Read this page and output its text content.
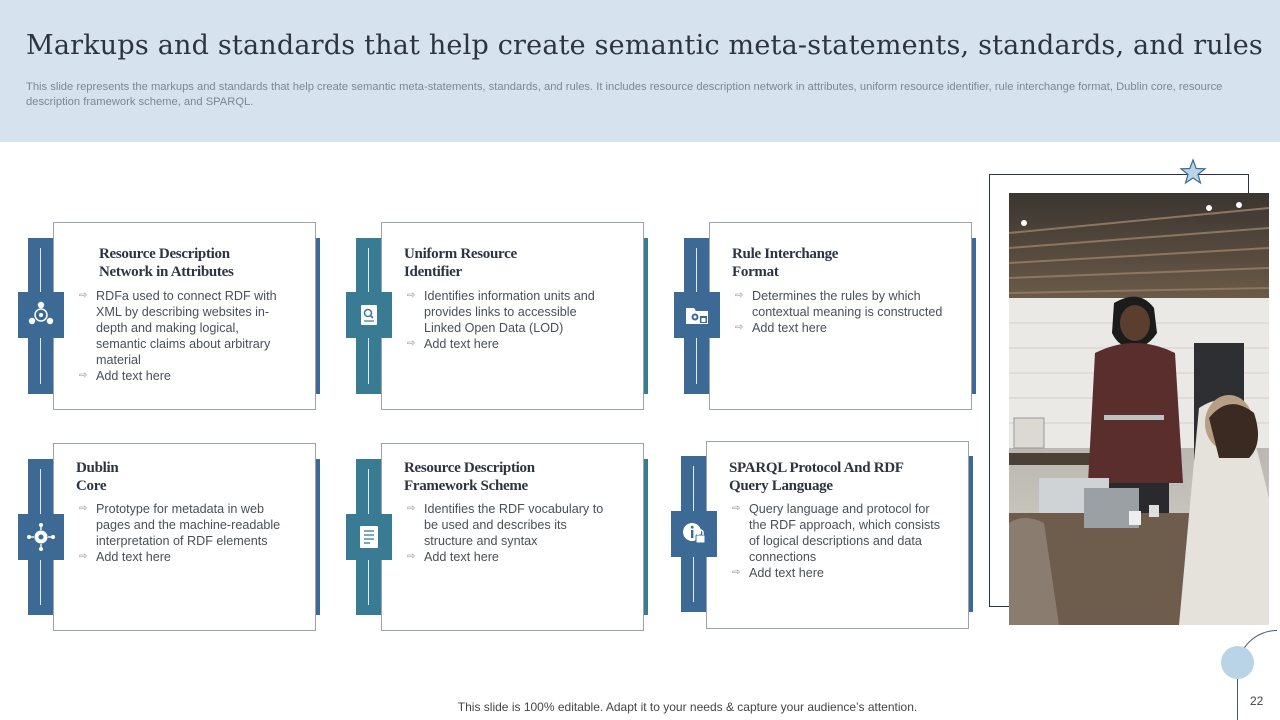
Markups and standards that help create semantic meta-statements, standards, and rules
This slide represents the markups and standards that help create semantic meta-statements, standards, and rules. It includes resource description network in attributes, uniform resource identifier, rule interchange format, Dublin core, resource description framework scheme, and SPARQL.
Resource Description
Network in Attributes
⇨ RDFa used to connect RDF with XML by describing websites in-depth and making logical, semantic claims about arbitrary material
⇨ Add text here
Uniform Resource
Identifier
⇨ Identifies information units and provides links to accessible Linked Open Data (LOD)
⇨ Add text here
Rule Interchange
Format
⇨ Determines the rules by which contextual meaning is constructed
⇨ Add text here
Dublin
Core
⇨ Prototype for metadata in web pages and the machine-readable interpretation of RDF elements
⇨ Add text here
Resource Description
Framework Scheme
⇨ Identifies the RDF vocabulary to be used and describes its structure and syntax
⇨ Add text here
SPARQL Protocol And RDF
Query Language
⇨ Query language and protocol for the RDF approach, which consists of logical descriptions and data connections
⇨ Add text here
This slide is 100% editable. Adapt it to your needs & capture your audience’s attention.	22
